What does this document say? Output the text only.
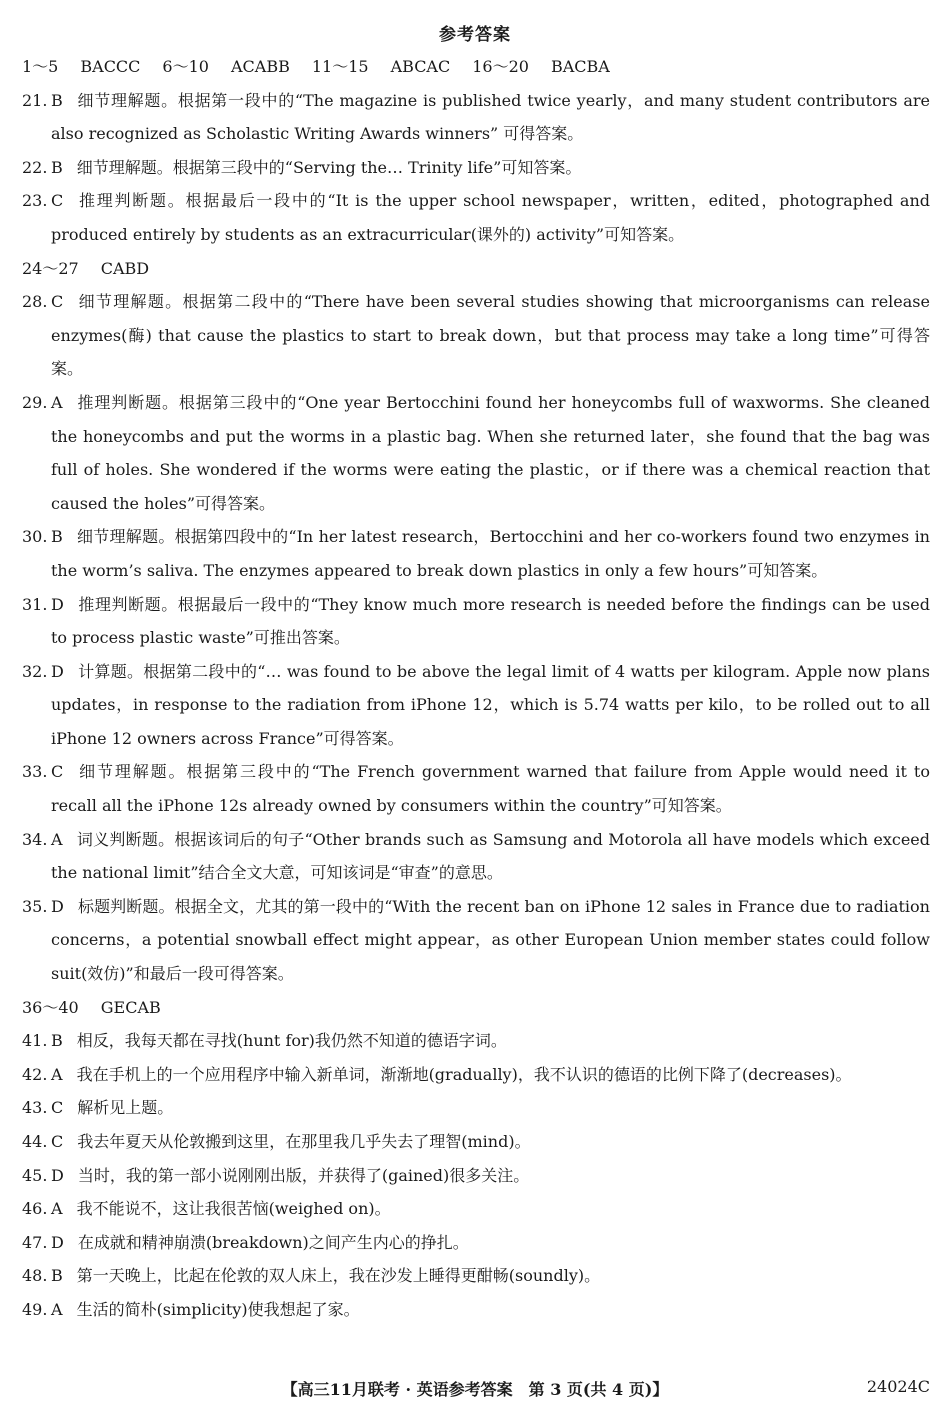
参考答案
1～5 BACCC 6～10 ACABB 11～15 ABCAC 16～20 BACBA
21. B 细节理解题。根据第一段中的“The magazine is published twice yearly，and many student contributors are also recognized as Scholastic Writing Awards winners” 可得答案。
22. B 细节理解题。根据第三段中的“Serving the… Trinity life”可知答案。
23. C 推理判断题。根据最后一段中的“It is the upper school newspaper，written，edited，photographed and produced entirely by students as an extracurricular(课外的) activity”可知答案。
24～27 CABD
28. C 细节理解题。根据第二段中的“There have been several studies showing that microorganisms can release enzymes(酶) that cause the plastics to start to break down，but that process may take a long time”可得答案。
29. A 推理判断题。根据第三段中的“One year Bertocchini found her honeycombs full of waxworms. She cleaned the honeycombs and put the worms in a plastic bag. When she returned later，she found that the bag was full of holes. She wondered if the worms were eating the plastic，or if there was a chemical reaction that caused the holes”可得答案。
30. B 细节理解题。根据第四段中的“In her latest research，Bertocchini and her co-workers found two enzymes in the worm’s saliva. The enzymes appeared to break down plastics in only a few hours”可知答案。
31. D 推理判断题。根据最后一段中的“They know much more research is needed before the findings can be used to process plastic waste”可推出答案。
32. D 计算题。根据第二段中的“… was found to be above the legal limit of 4 watts per kilogram. Apple now plans updates，in response to the radiation from iPhone 12，which is 5.74 watts per kilo，to be rolled out to all iPhone 12 owners across France”可得答案。
33. C 细节理解题。根据第三段中的“The French government warned that failure from Apple would need it to recall all the iPhone 12s already owned by consumers within the country”可知答案。
34. A 词义判断题。根据该词后的句子“Other brands such as Samsung and Motorola all have models which exceed the national limit”结合全文大意，可知该词是“审查”的意思。
35. D 标题判断题。根据全文，尤其的第一段中的“With the recent ban on iPhone 12 sales in France due to radiation concerns，a potential snowball effect might appear，as other European Union member states could follow suit(效仿)”和最后一段可得答案。
36～40 GECAB
41. B 相反，我每天都在寻找(hunt for)我仍然不知道的德语字词。
42. A 我在手机上的一个应用程序中输入新单词，渐渐地(gradually)，我不认识的德语的比例下降了(decreases)。
43. C 解析见上题。
44. C 我去年夏天从伦敦搬到这里，在那里我几乎失去了理智(mind)。
45. D 当时，我的第一部小说刚刚出版，并获得了(gained)很多关注。
46. A 我不能说不，这让我很苦恼(weighed on)。
47. D 在成就和精神崩溃(breakdown)之间产生内心的挣扎。
48. B 第一天晚上，比起在伦敦的双人床上，我在沙发上睡得更酣畅(soundly)。
49. A 生活的简朴(simplicity)使我想起了家。
【高三11月联考 · 英语参考答案　第 3 页(共 4 页)】	24024C
